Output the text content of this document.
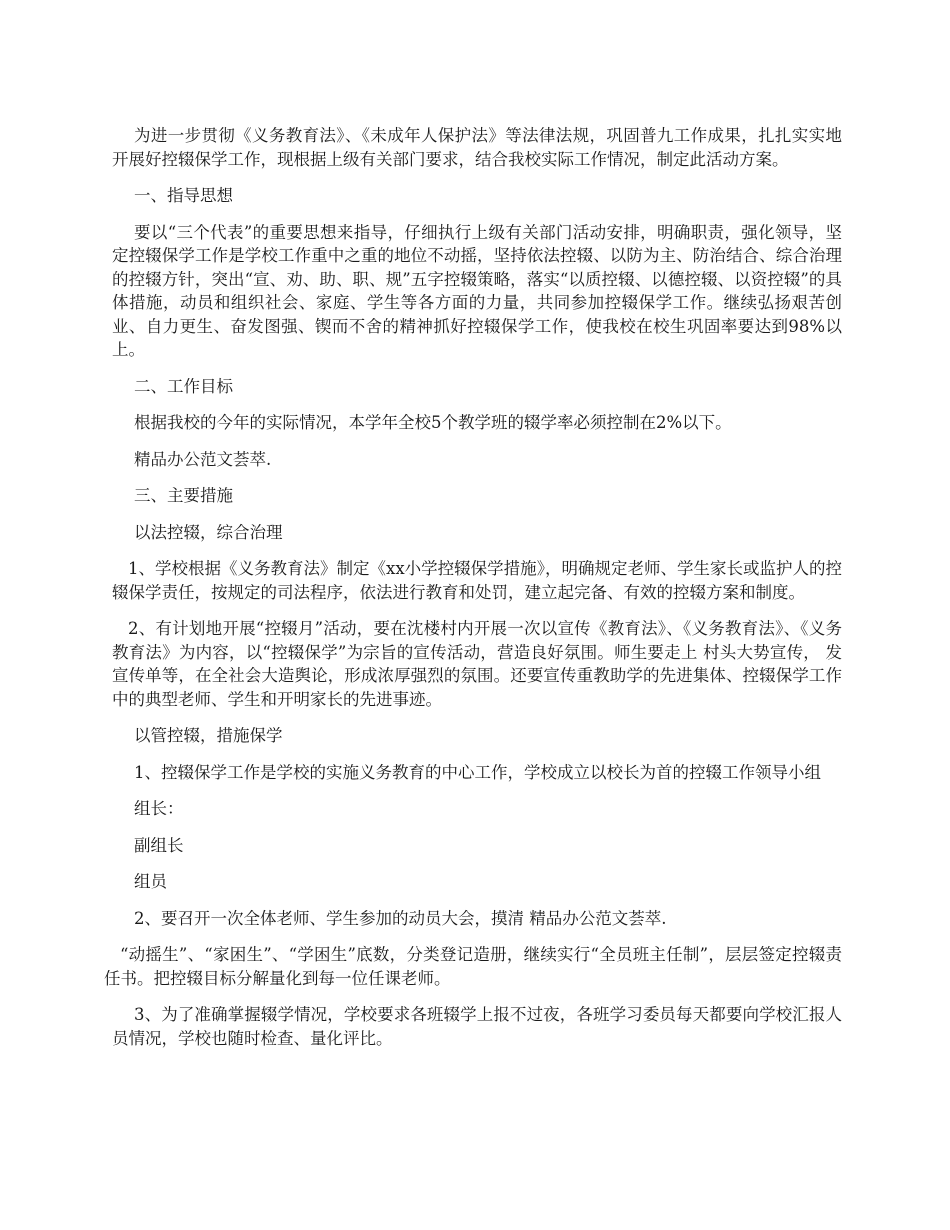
为进一步贯彻《义务教育法》、《未成年人保护法》等法律法规，巩固普九工作成果，扎扎实实地开展好控辍保学工作，现根据上级有关部门要求，结合我校实际工作情况，制定此活动方案。

一、指导思想

要以“三个代表”的重要思想来指导，仔细执行上级有关部门活动安排，明确职责，强化领导，坚定控辍保学工作是学校工作重中之重的地位不动摇，坚持依法控辍、以防为主、防治结合、综合治理的控辍方针，突出“宣、劝、助、职、规”五字控辍策略，落实“以质控辍、以德控辍、以资控辍”的具体措施，动员和组织社会、家庭、学生等各方面的力量，共同参加控辍保学工作。继续弘扬艰苦创业、自力更生、奋发图强、锲而不舍的精神抓好控辍保学工作，使我校在校生巩固率要达到98%以上。

二、工作目标

根据我校的今年的实际情况，本学年全校5个教学班的辍学率必须控制在2%以下。

精品办公范文荟萃.

三、主要措施

以法控辍，综合治理

1、学校根据《义务教育法》制定《xx小学控辍保学措施》，明确规定老师、学生家长或监护人的控辍保学责任，按规定的司法程序，依法进行教育和处罚，建立起完备、有效的控辍方案和制度。

2、有计划地开展“控辍月”活动，要在沈楼村内开展一次以宣传《教育法》、《义务教育法》、《义务教育法》为内容，以“控辍保学”为宗旨的宣传活动，营造良好氛围。师生要走上 村头大势宣传， 发宣传单等，在全社会大造舆论，形成浓厚强烈的氛围。还要宣传重教助学的先进集体、控辍保学工作中的典型老师、学生和开明家长的先进事迹。

以管控辍，措施保学

1、控辍保学工作是学校的实施义务教育的中心工作，学校成立以校长为首的控辍工作领导小组

组长：

副组长

组员

2、要召开一次全体老师、学生参加的动员大会，摸清 精品办公范文荟萃.

“动摇生”、“家困生”、“学困生”底数，分类登记造册，继续实行“全员班主任制”，层层签定控辍责任书。把控辍目标分解量化到每一位任课老师。

3、为了准确掌握辍学情况，学校要求各班辍学上报不过夜，各班学习委员每天都要向学校汇报人员情况，学校也随时检查、量化评比。
